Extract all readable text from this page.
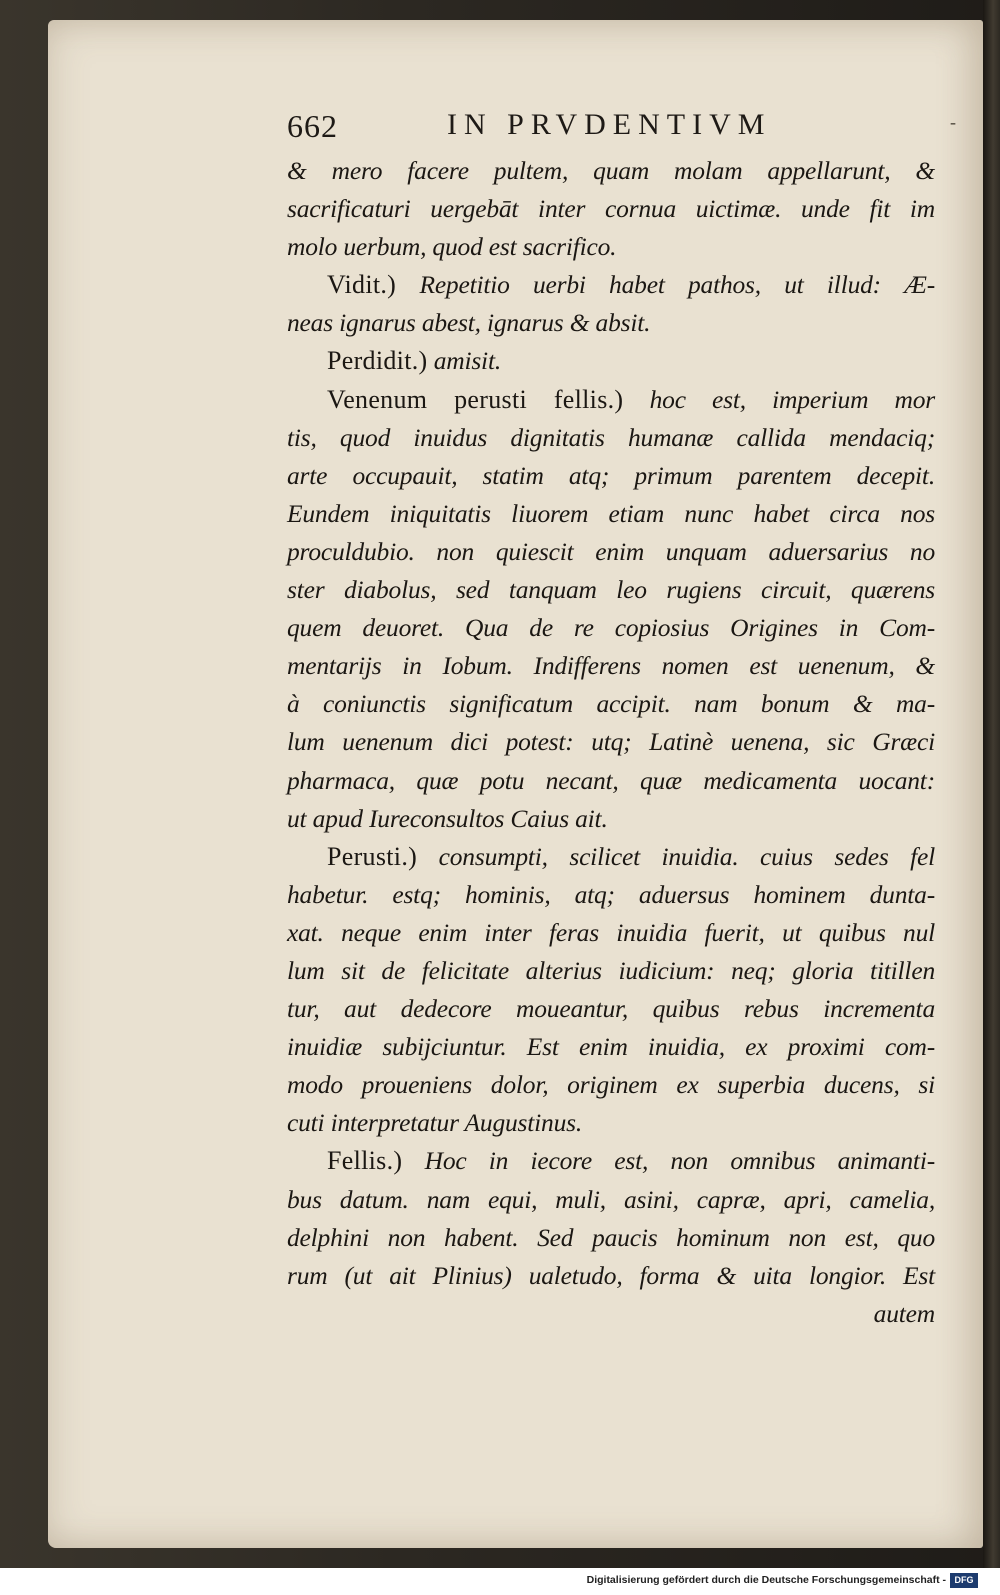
662	IN PRVDENTIVM	-
& mero facere pultem, quam molam appellarunt, &
sacrificaturi uergebāt inter cornua uictimæ. unde fit im
molo uerbum, quod est sacrifico.
Vidit.) Repetitio uerbi habet pathos, ut illud: Æ-
neas ignarus abest, ignarus & absit.
Perdidit.) amisit.
Venenum perusti fellis.) hoc est, imperium mor
tis, quod inuidus dignitatis humanæ callida mendaciq;
arte occupauit, statim atq; primum parentem decepit.
Eundem iniquitatis liuorem etiam nunc habet circa nos
proculdubio. non quiescit enim unquam aduersarius no
ster diabolus, sed tanquam leo rugiens circuit, quærens
quem deuoret. Qua de re copiosius Origines in Com-
mentarijs in Iobum. Indifferens nomen est uenenum, &
à coniunctis significatum accipit. nam bonum & ma-
lum uenenum dici potest: utq; Latinè uenena, sic Græci
pharmaca, quæ potu necant, quæ medicamenta uocant:
ut apud Iureconsultos Caius ait.
Perusti.) consumpti, scilicet inuidia. cuius sedes fel
habetur. estq; hominis, atq; aduersus hominem dunta-
xat. neque enim inter feras inuidia fuerit, ut quibus nul
lum sit de felicitate alterius iudicium: neq; gloria titillen
tur, aut dedecore moueantur, quibus rebus incrementa
inuidiæ subijciuntur. Est enim inuidia, ex proximi com-
modo proueniens dolor, originem ex superbia ducens, si
cuti interpretatur Augustinus.
Fellis.) Hoc in iecore est, non omnibus animanti-
bus datum. nam equi, muli, asini, capræ, apri, camelia,
delphini non habent. Sed paucis hominum non est, quo
rum (ut ait Plinius) ualetudo, forma & uita longior. Est
autem
Digitalisierung gefördert durch die Deutsche Forschungsgemeinschaft - DFG
